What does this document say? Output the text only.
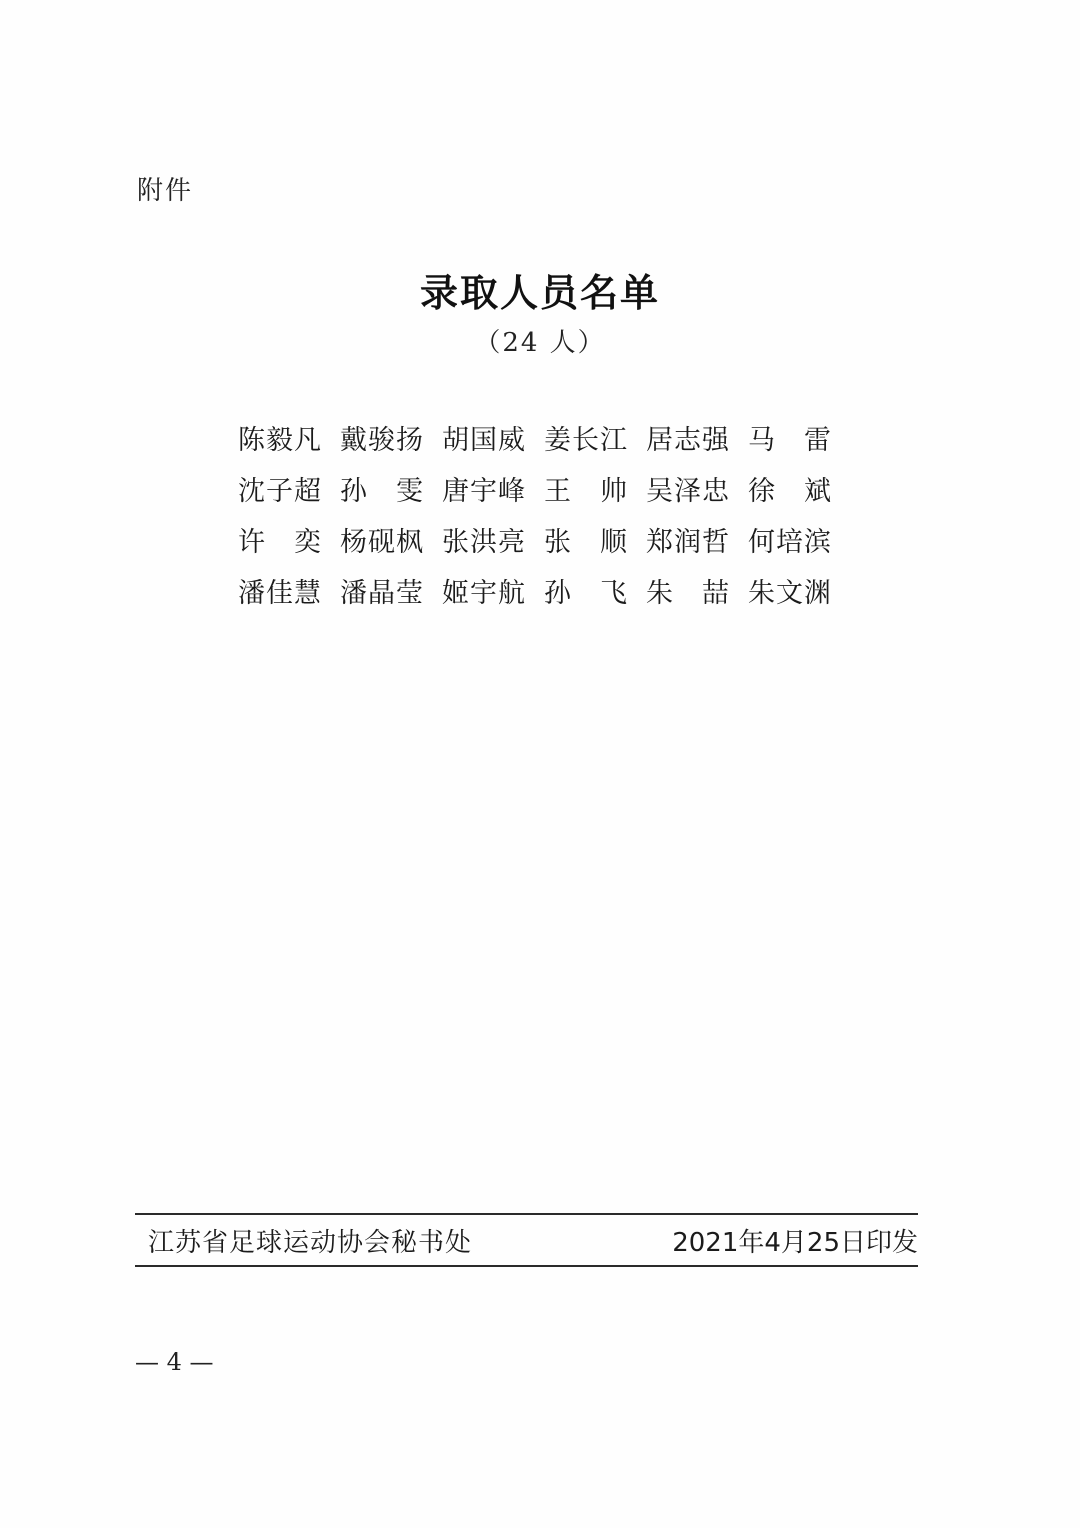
附件
录取人员名单
（24 人）
陈毅凡 戴骏扬 胡国威 姜长江 居志强 马　雷
沈子超 孙　雯 唐宇峰 王　帅 吴泽忠 徐　斌
许　奕 杨砚枫 张洪亮 张　顺 郑润哲 何培滨
潘佳慧 潘晶莹 姬宇航 孙　飞 朱　喆 朱文渊
江苏省足球运动协会秘书处	2021年4月25日印发
— 4 —
